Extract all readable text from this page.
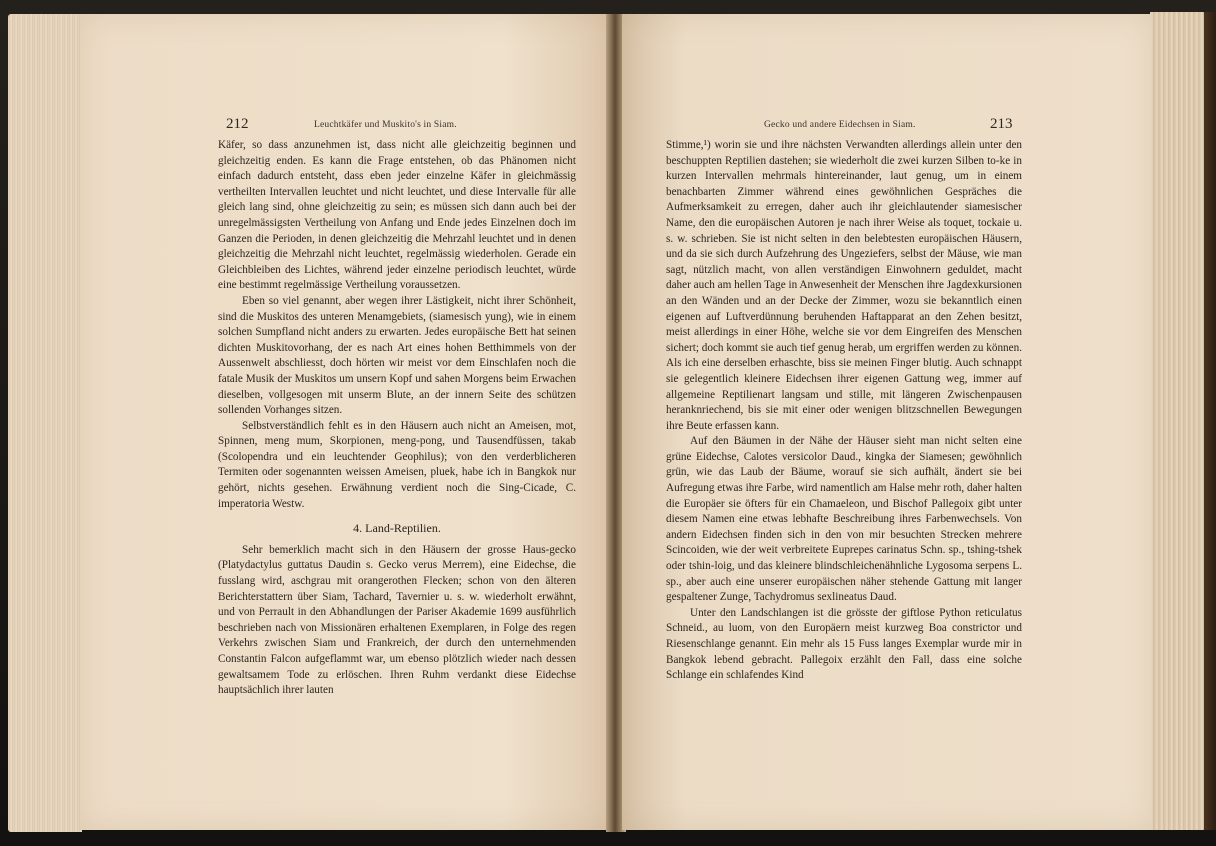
212	Leuchtkäfer und Muskito's in Siam.

Käfer, so dass anzunehmen ist, dass nicht alle gleichzeitig beginnen und gleichzeitig enden. Es kann die Frage entstehen, ob das Phänomen nicht einfach dadurch entsteht, dass eben jeder einzelne Käfer in gleichmässig vertheilten Intervallen leuchtet und nicht leuchtet, und diese Intervalle für alle gleich lang sind, ohne gleichzeitig zu sein; es müssen sich dann auch bei der unregelmässigsten Vertheilung von Anfang und Ende jedes Einzelnen doch im Ganzen die Perioden, in denen gleichzeitig die Mehrzahl leuchtet und in denen gleichzeitig die Mehrzahl nicht leuchtet, regelmässig wiederholen. Gerade ein Gleichbleiben des Lichtes, während jeder einzelne periodisch leuchtet, würde eine bestimmt regelmässige Vertheilung voraussetzen.

Eben so viel genannt, aber wegen ihrer Lästigkeit, nicht ihrer Schönheit, sind die Muskitos des unteren Menamgebiets, (siamesisch yung), wie in einem solchen Sumpfland nicht anders zu erwarten. Jedes europäische Bett hat seinen dichten Muskitovorhang, der es nach Art eines hohen Betthimmels von der Aussenwelt abschliesst, doch hörten wir meist vor dem Einschlafen noch die fatale Musik der Muskitos um unsern Kopf und sahen Morgens beim Erwachen dieselben, vollgesogen mit unserm Blute, an der innern Seite des schützen sollenden Vorhanges sitzen.

Selbstverständlich fehlt es in den Häusern auch nicht an Ameisen, mot, Spinnen, meng mum, Skorpionen, meng-pong, und Tausendfüssen, takab (Scolopendra und ein leuchtender Geophilus); von den verderblicheren Termiten oder sogenannten weissen Ameisen, pluek, habe ich in Bangkok nur gehört, nichts gesehen. Erwähnung verdient noch die Sing-Cicade, C. imperatoria Westw.

4. Land-Reptilien.

Sehr bemerklich macht sich in den Häusern der grosse Haus-gecko (Platydactylus guttatus Daudin s. Gecko verus Merrem), eine Eidechse, die fusslang wird, aschgrau mit orangerothen Flecken; schon von den älteren Berichterstattern über Siam, Tachard, Tavernier u. s. w. wiederholt erwähnt, und von Perrault in den Abhandlungen der Pariser Akademie 1699 ausführlich beschrieben nach von Missionären erhaltenen Exemplaren, in Folge des regen Verkehrs zwischen Siam und Frankreich, der durch den unternehmenden Constantin Falcon aufgeflammt war, um ebenso plötzlich wieder nach dessen gewaltsamem Tode zu erlöschen. Ihren Ruhm verdankt diese Eidechse hauptsächlich ihrer lauten

Gecko und andere Eidechsen in Siam.	213

Stimme,¹) worin sie und ihre nächsten Verwandten allerdings allein unter den beschuppten Reptilien dastehen; sie wiederholt die zwei kurzen Silben to-ke in kurzen Intervallen mehrmals hintereinander, laut genug, um in einem benachbarten Zimmer während eines gewöhnlichen Gespräches die Aufmerksamkeit zu erregen, daher auch ihr gleichlautender siamesischer Name, den die europäischen Autoren je nach ihrer Weise als toquet, tockaie u. s. w. schrieben. Sie ist nicht selten in den belebtesten europäischen Häusern, und da sie sich durch Aufzehrung des Ungeziefers, selbst der Mäuse, wie man sagt, nützlich macht, von allen verständigen Einwohnern geduldet, macht daher auch am hellen Tage in Anwesenheit der Menschen ihre Jagdexkursionen an den Wänden und an der Decke der Zimmer, wozu sie bekanntlich einen eigenen auf Luftverdünnung beruhenden Haftapparat an den Zehen besitzt, meist allerdings in einer Höhe, welche sie vor dem Eingreifen des Menschen sichert; doch kommt sie auch tief genug herab, um ergriffen werden zu können. Als ich eine derselben erhaschte, biss sie meinen Finger blutig. Auch schnappt sie gelegentlich kleinere Eidechsen ihrer eigenen Gattung weg, immer auf allgemeine Reptilienart langsam und stille, mit längeren Zwischenpausen heranknriechend, bis sie mit einer oder wenigen blitzschnellen Bewegungen ihre Beute erfassen kann.

Auf den Bäumen in der Nähe der Häuser sieht man nicht selten eine grüne Eidechse, Calotes versicolor Daud., kingka der Siamesen; gewöhnlich grün, wie das Laub der Bäume, worauf sie sich aufhält, ändert sie bei Aufregung etwas ihre Farbe, wird namentlich am Halse mehr roth, daher halten die Europäer sie öfters für ein Chamaeleon, und Bischof Pallegoix gibt unter diesem Namen eine etwas lebhafte Beschreibung ihres Farbenwechsels. Von andern Eidechsen finden sich in den von mir besuchten Strecken mehrere Scincoiden, wie der weit verbreitete Euprepes carinatus Schn. sp., tshing-tshek oder tshin-loig, und das kleinere blindschleichenähnliche Lygosoma serpens L. sp., aber auch eine unserer europäischen näher stehende Gattung mit langer gespaltener Zunge, Tachydromus sexlineatus Daud.

Unter den Landschlangen ist die grösste der giftlose Python reticulatus Schneid., au luom, von den Europäern meist kurzweg Boa constrictor und Riesenschlange genannt. Ein mehr als 15 Fuss langes Exemplar wurde mir in Bangkok lebend gebracht. Pallegoix erzählt den Fall, dass eine solche Schlange ein schlafendes Kind
